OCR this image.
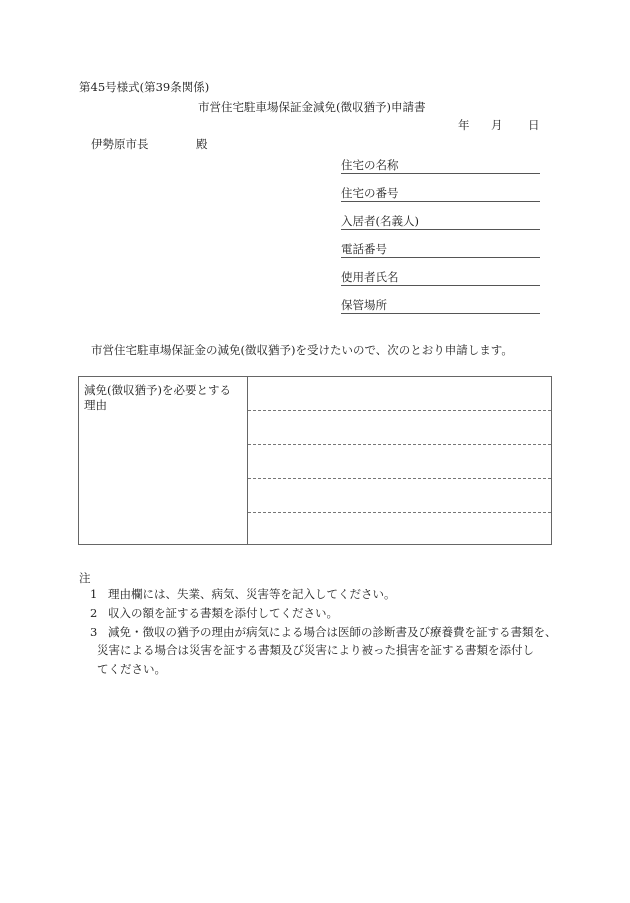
第45号様式(第39条関係)
市営住宅駐車場保証金減免(徴収猶予)申請書
年 月 日
伊勢原市長	殿
住宅の名称
住宅の番号
入居者(名義人)
電話番号
使用者氏名
保管場所
市営住宅駐車場保証金の減免(徴収猶予)を受けたいので、次のとおり申請します。
減免(徴収猶予)を必要とする理由
注
1 理由欄には、失業、病気、災害等を記入してください。
2 収入の額を証する書類を添付してください。
3 減免・徴収の猶予の理由が病気による場合は医師の診断書及び療養費を証する書類を、
災害による場合は災害を証する書類及び災害により被った損害を証する書類を添付し
てください。
